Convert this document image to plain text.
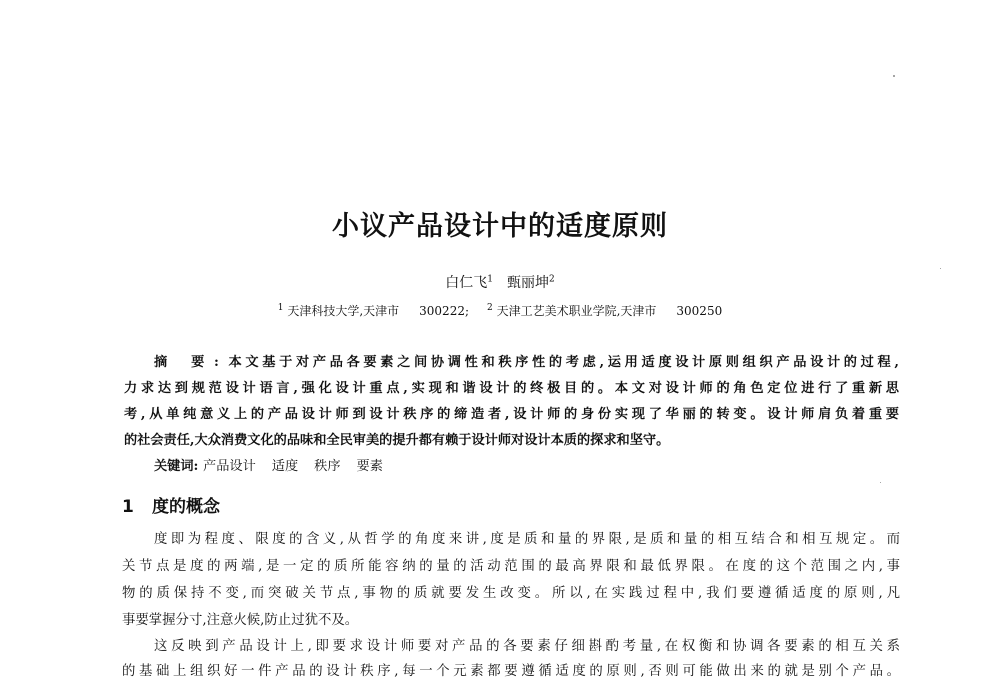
小议产品设计中的适度原则
白仁飞$^1$ 甄丽坤$^2$
$^1$ 天津科技大学,天津市 300222; $^2$ 天津工艺美术职业学院,天津市 300250
摘 要:本文基于对产品各要素之间协调性和秩序性的考虑,运用适度设计原则组织产品设计的过程,
力求达到规范设计语言,强化设计重点,实现和谐设计的终极目的。本文对设计师的角色定位进行了重新思
考,从单纯意义上的产品设计师到设计秩序的缔造者,设计师的身份实现了华丽的转变。设计师肩负着重要
的社会责任,大众消费文化的品味和全民审美的提升都有赖于设计师对设计本质的探求和坚守。
关键词: 产品设计 适度 秩序 要素
1 度的概念
度即为程度、限度的含义,从哲学的角度来讲,度是质和量的界限,是质和量的相互结合和相互规定。而
关节点是度的两端,是一定的质所能容纳的量的活动范围的最高界限和最低界限。在度的这个范围之内,事
物的质保持不变,而突破关节点,事物的质就要发生改变。所以,在实践过程中,我们要遵循适度的原则,凡
事要掌握分寸,注意火候,防止过犹不及。
这反映到产品设计上,即要求设计师要对产品的各要素仔细斟酌考量,在权衡和协调各要素的相互关系
的基础上组织好一件产品的设计秩序,每一个元素都要遵循适度的原则,否则可能做出来的就是别个产品。
